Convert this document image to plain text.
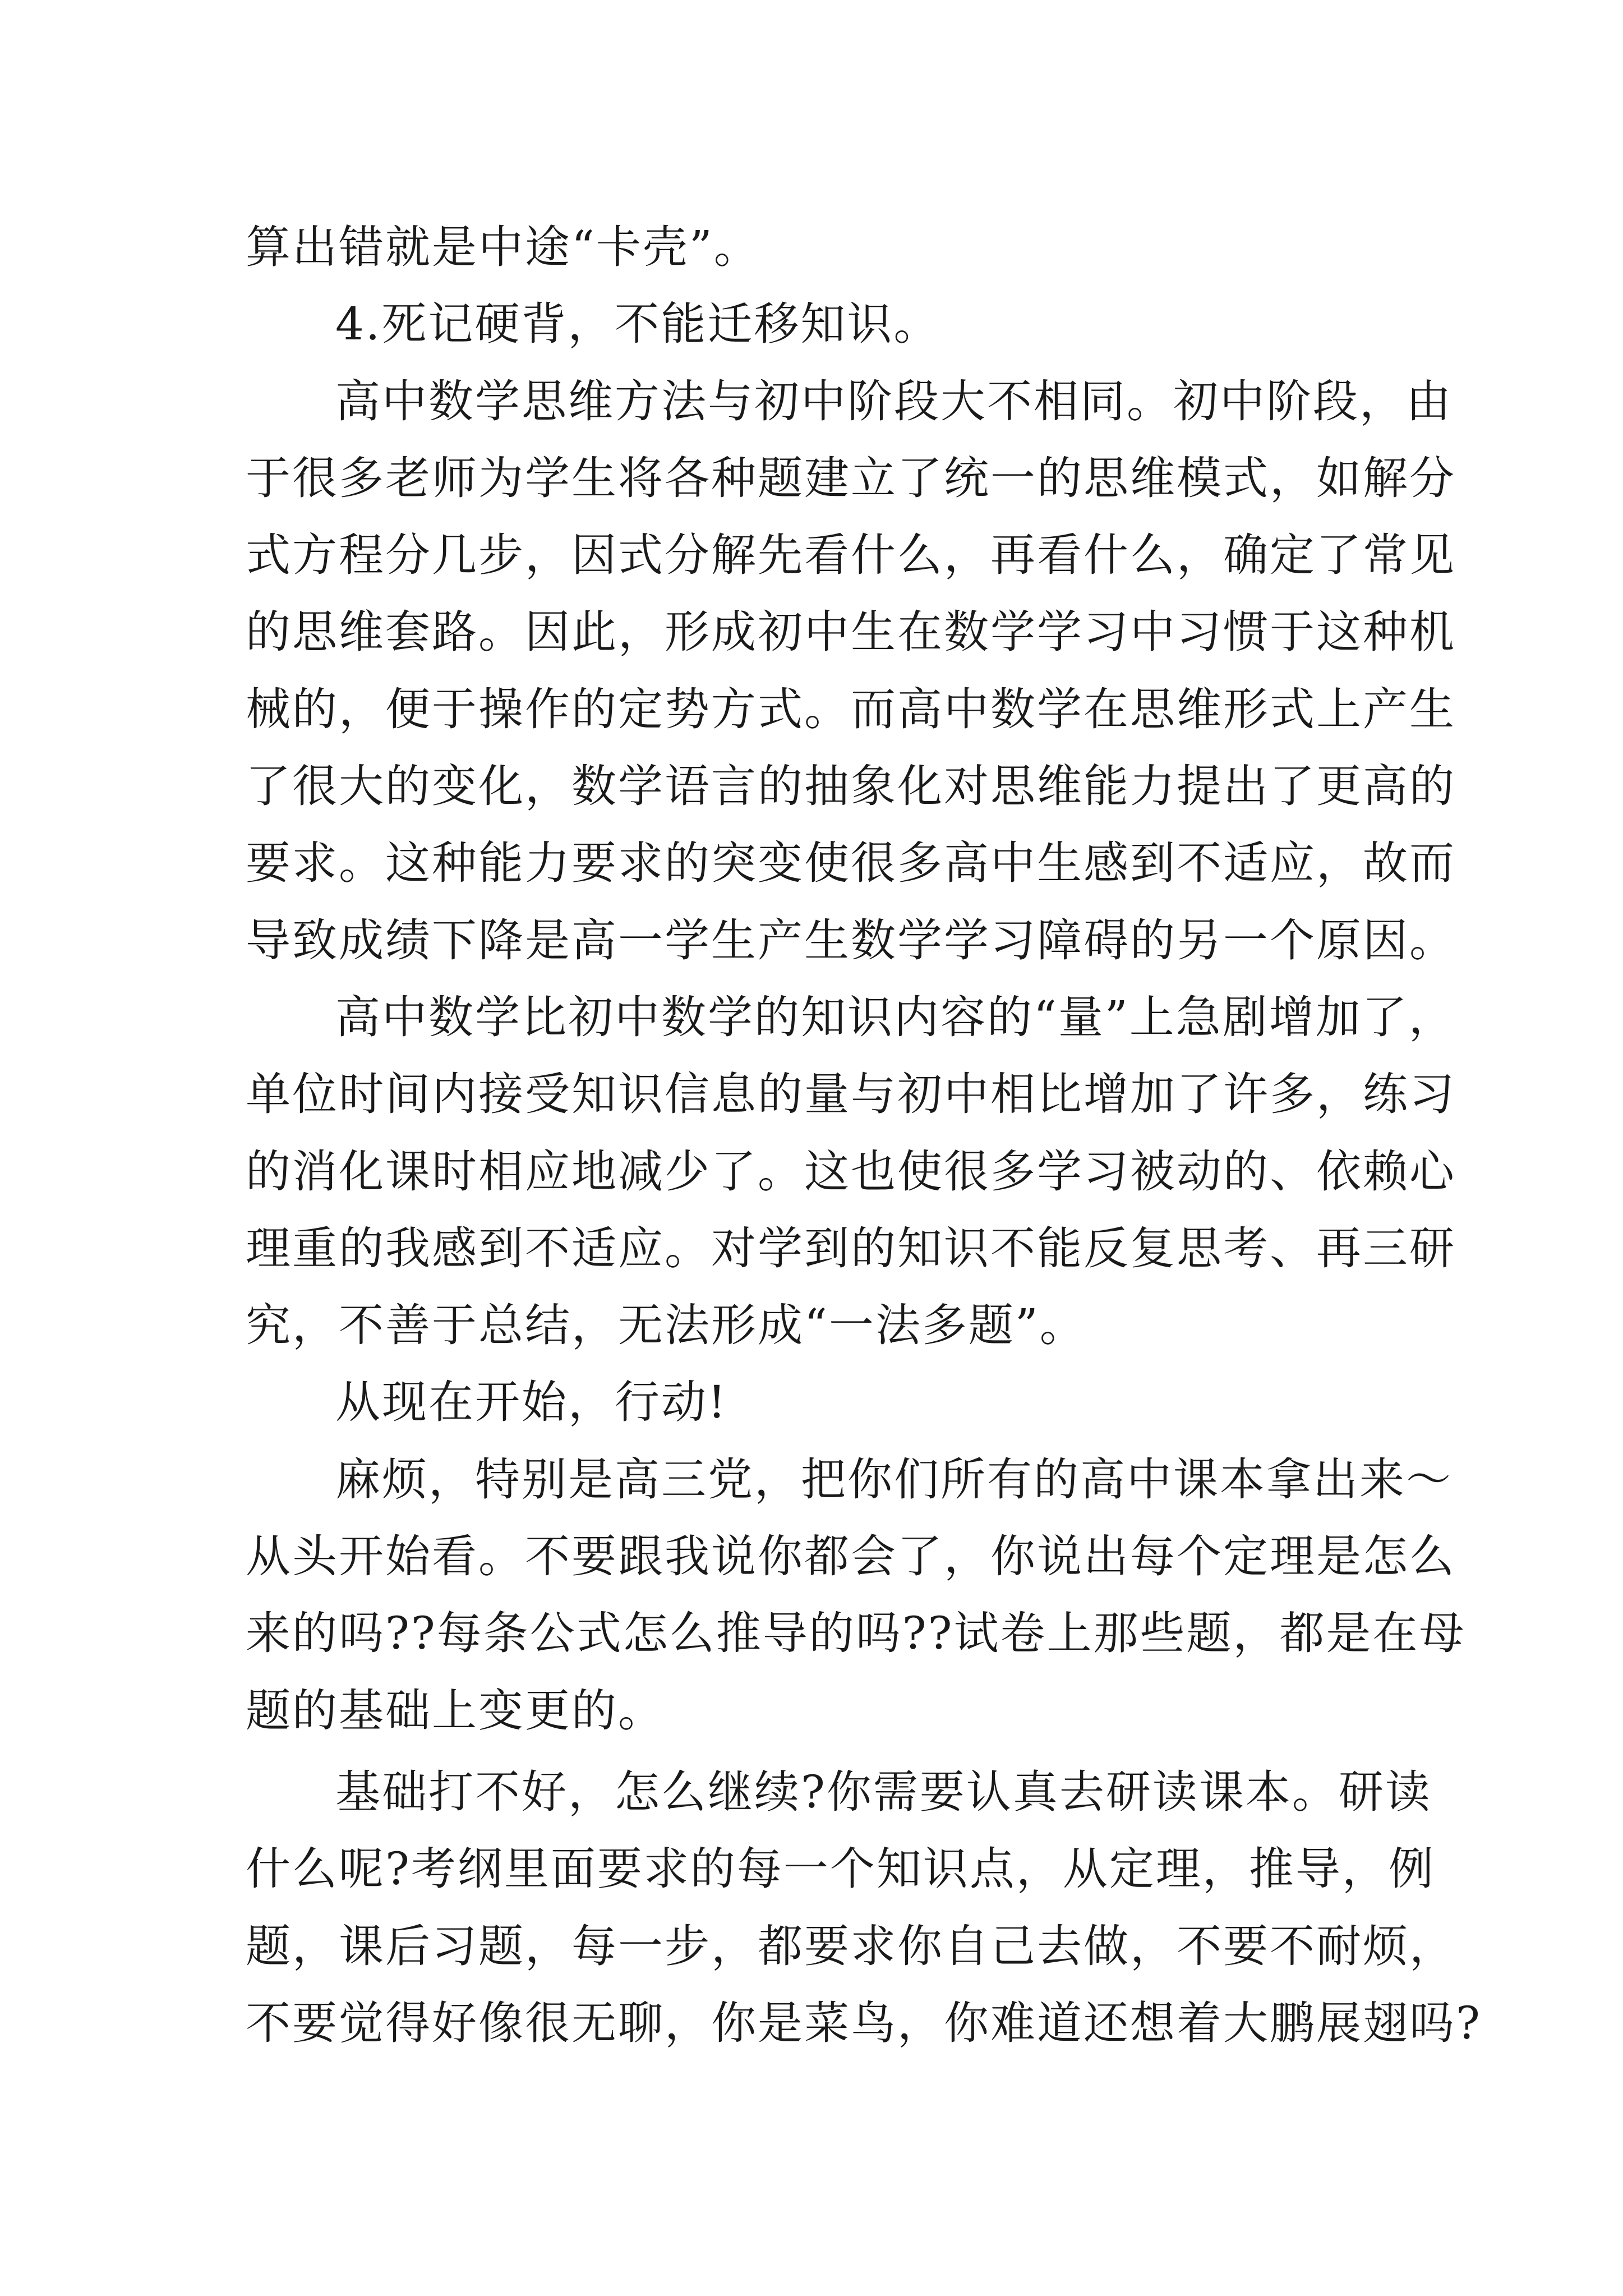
算出错就是中途“卡壳”。
4.死记硬背，不能迁移知识。
高中数学思维方法与初中阶段大不相同。初中阶段，由
于很多老师为学生将各种题建立了统一的思维模式，如解分
式方程分几步，因式分解先看什么，再看什么，确定了常见
的思维套路。因此，形成初中生在数学学习中习惯于这种机
械的，便于操作的定势方式。而高中数学在思维形式上产生
了很大的变化，数学语言的抽象化对思维能力提出了更高的
要求。这种能力要求的突变使很多高中生感到不适应，故而
导致成绩下降是高一学生产生数学学习障碍的另一个原因。
高中数学比初中数学的知识内容的“量”上急剧增加了，
单位时间内接受知识信息的量与初中相比增加了许多，练习
的消化课时相应地减少了。这也使很多学习被动的、依赖心
理重的我感到不适应。对学到的知识不能反复思考、再三研
究，不善于总结，无法形成“一法多题”。
从现在开始，行动!
麻烦，特别是高三党，把你们所有的高中课本拿出来～
从头开始看。不要跟我说你都会了，你说出每个定理是怎么
来的吗??每条公式怎么推导的吗??试卷上那些题，都是在母
题的基础上变更的。
基础打不好，怎么继续?你需要认真去研读课本。研读
什么呢?考纲里面要求的每一个知识点，从定理，推导，例
题，课后习题，每一步，都要求你自己去做，不要不耐烦，
不要觉得好像很无聊，你是菜鸟，你难道还想着大鹏展翅吗?
